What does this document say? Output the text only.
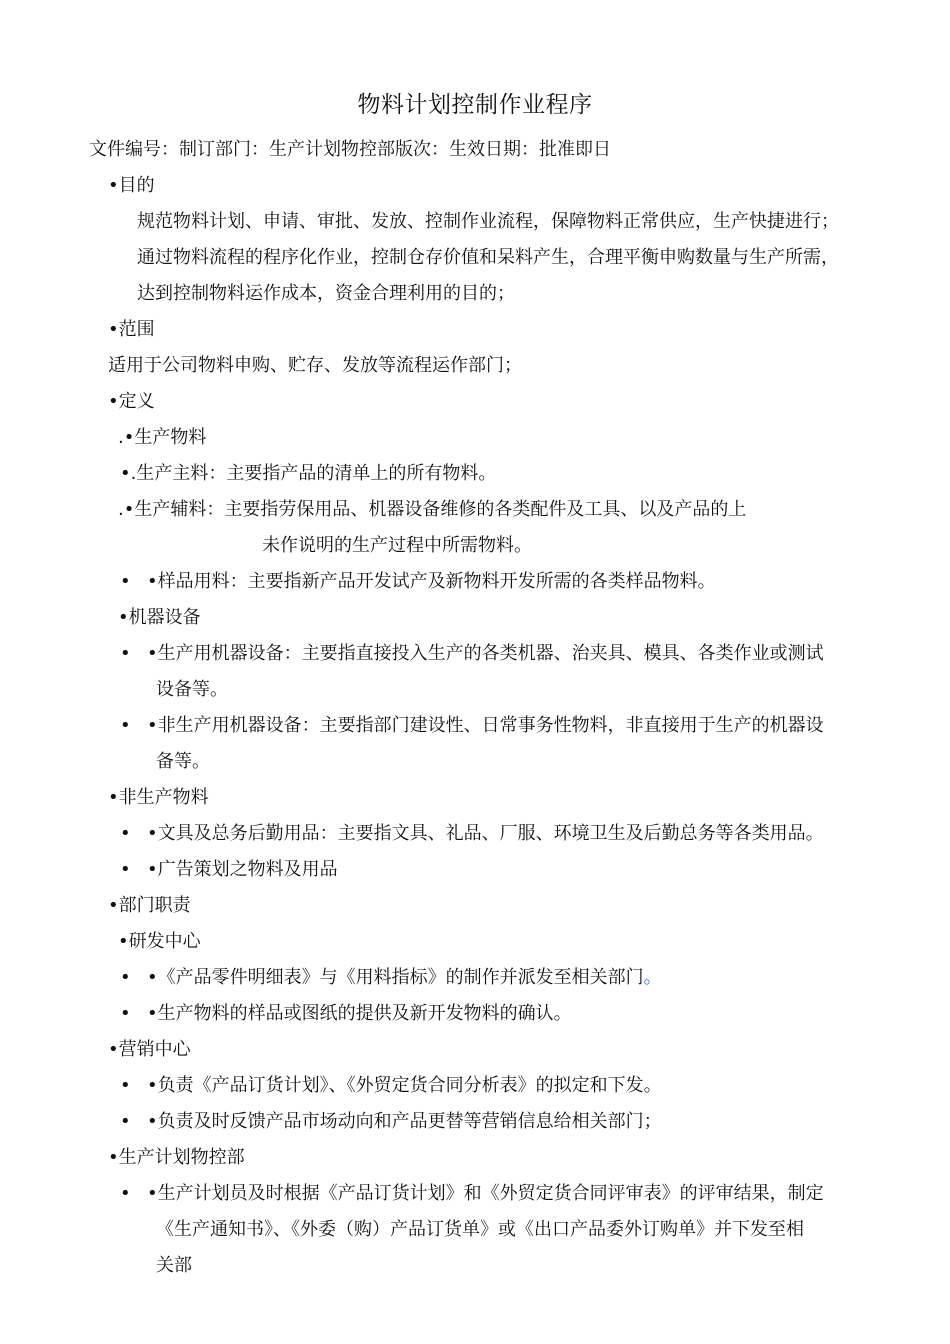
物料计划控制作业程序
文件编号：制订部门：生产计划物控部版次：生效日期：批准即日
•目的
规范物料计划、申请、审批、发放、控制作业流程，保障物料正常供应，生产快捷进行；
通过物料流程的程序化作业，控制仓存价值和呆料产生，合理平衡申购数量与生产所需，
达到控制物料运作成本，资金合理利用的目的；
•范围
适用于公司物料申购、贮存、发放等流程运作部门；
•定义
.•生产物料
•.生产主料：主要指产品的清单上的所有物料。
.•生产辅料：主要指劳保用品、机器设备维修的各类配件及工具、以及产品的上
未作说明的生产过程中所需物料。
• •样品用料：主要指新产品开发试产及新物料开发所需的各类样品物料。
•机器设备
• •生产用机器设备：主要指直接投入生产的各类机器、治夹具、模具、各类作业或测试
设备等。
• •非生产用机器设备：主要指部门建设性、日常事务性物料，非直接用于生产的机器设
备等。
•非生产物料
• •文具及总务后勤用品：主要指文具、礼品、厂服、环境卫生及后勤总务等各类用品。
• •广告策划之物料及用品
•部门职责
•研发中心
• •《产品零件明细表》与《用料指标》的制作并派发至相关部门。
• •生产物料的样品或图纸的提供及新开发物料的确认。
•营销中心
• •负责《产品订货计划》、《外贸定货合同分析表》的拟定和下发。
• •负责及时反馈产品市场动向和产品更替等营销信息给相关部门；
•生产计划物控部
• •生产计划员及时根据《产品订货计划》和《外贸定货合同评审表》的评审结果，制定
《生产通知书》、《外委（购）产品订货单》或《出口产品委外订购单》并下发至相
关部
